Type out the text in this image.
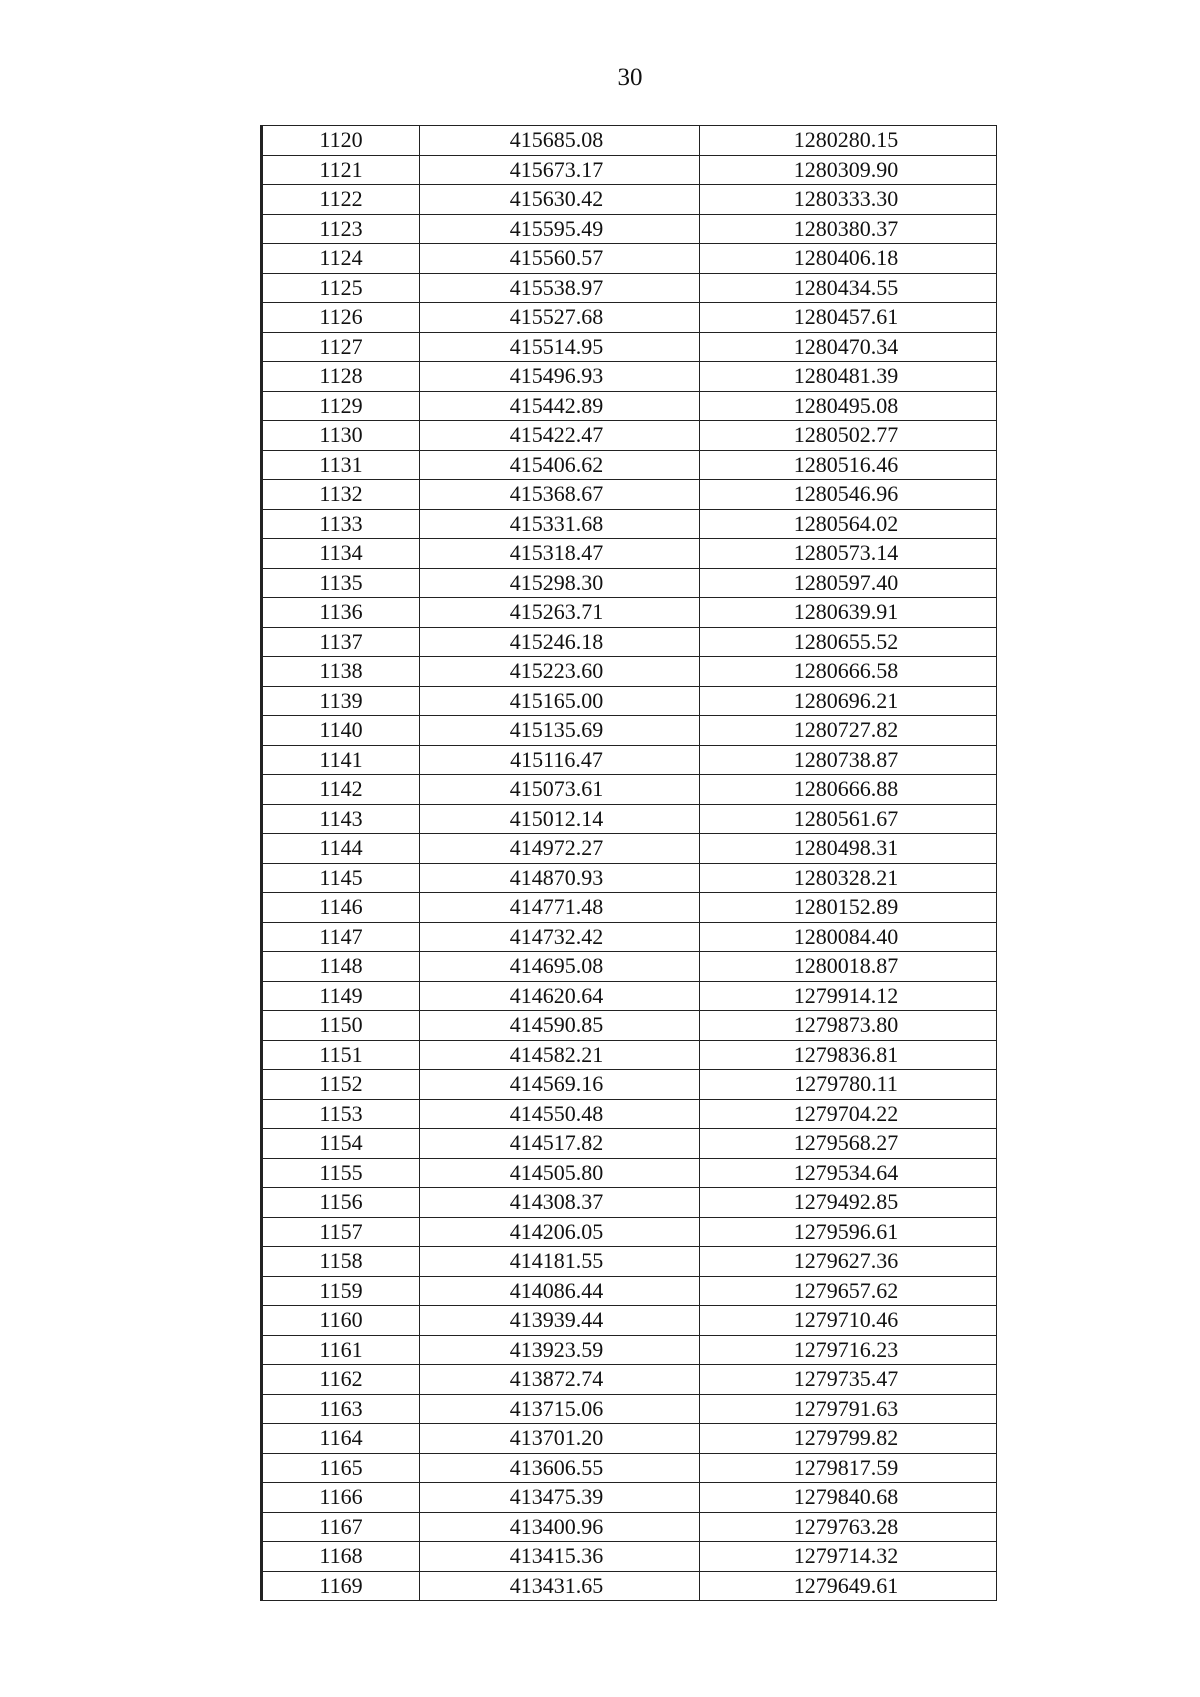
30
1120	415685.08	1280280.15
1121	415673.17	1280309.90
1122	415630.42	1280333.30
1123	415595.49	1280380.37
1124	415560.57	1280406.18
1125	415538.97	1280434.55
1126	415527.68	1280457.61
1127	415514.95	1280470.34
1128	415496.93	1280481.39
1129	415442.89	1280495.08
1130	415422.47	1280502.77
1131	415406.62	1280516.46
1132	415368.67	1280546.96
1133	415331.68	1280564.02
1134	415318.47	1280573.14
1135	415298.30	1280597.40
1136	415263.71	1280639.91
1137	415246.18	1280655.52
1138	415223.60	1280666.58
1139	415165.00	1280696.21
1140	415135.69	1280727.82
1141	415116.47	1280738.87
1142	415073.61	1280666.88
1143	415012.14	1280561.67
1144	414972.27	1280498.31
1145	414870.93	1280328.21
1146	414771.48	1280152.89
1147	414732.42	1280084.40
1148	414695.08	1280018.87
1149	414620.64	1279914.12
1150	414590.85	1279873.80
1151	414582.21	1279836.81
1152	414569.16	1279780.11
1153	414550.48	1279704.22
1154	414517.82	1279568.27
1155	414505.80	1279534.64
1156	414308.37	1279492.85
1157	414206.05	1279596.61
1158	414181.55	1279627.36
1159	414086.44	1279657.62
1160	413939.44	1279710.46
1161	413923.59	1279716.23
1162	413872.74	1279735.47
1163	413715.06	1279791.63
1164	413701.20	1279799.82
1165	413606.55	1279817.59
1166	413475.39	1279840.68
1167	413400.96	1279763.28
1168	413415.36	1279714.32
1169	413431.65	1279649.61
